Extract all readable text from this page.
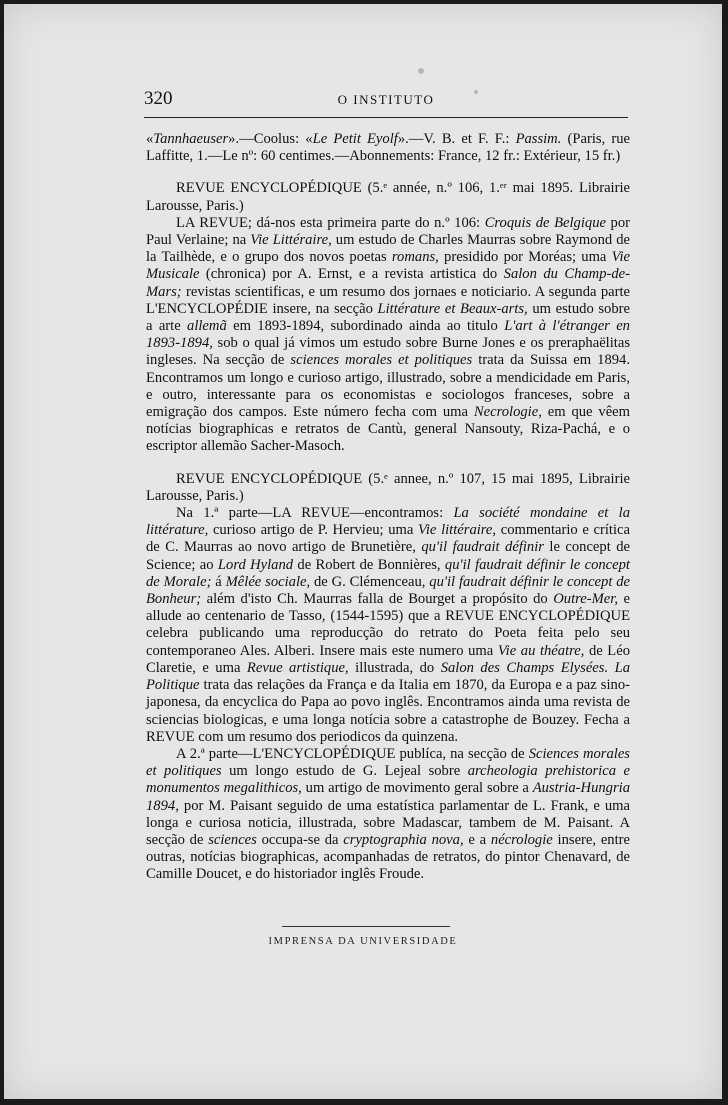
320	O INSTITUTO

«Tannhaeuser».—Coolus: «Le Petit Eyolf».—V. B. et F. F.: Passim. (Paris, rue Laffitte, 1.—Le nº: 60 centimes.—Abonnements: France, 12 fr.: Extérieur, 15 fr.)

REVUE ENCYCLOPÉDIQUE (5.ᵉ année, n.º 106, 1.ᵉʳ mai 1895. Librairie Larousse, Paris.)

LA REVUE; dá-nos esta primeira parte do n.º 106: Croquis de Belgique por Paul Verlaine; na Vie Littéraire, um estudo de Charles Maurras sobre Raymond de la Tailhède, e o grupo dos novos poetas romans, presidido por Moréas; uma Vie Musicale (chronica) por A. Ernst, e a revista artistica do Salon du Champ-de-Mars; revistas scientificas, e um resumo dos jornaes e noticiario. A segunda parte L'ENCYCLOPÉDIE insere, na secção Littérature et Beaux-arts, um estudo sobre a arte allemã em 1893-1894, subordinado ainda ao titulo L'art à l'étranger en 1893-1894, sob o qual já vimos um estudo sobre Burne Jones e os preraphaëlitas ingleses. Na secção de sciences morales et politiques trata da Suissa em 1894. Encontramos um longo e curioso artigo, illustrado, sobre a mendicidade em Paris, e outro, interessante para os economistas e sociologos franceses, sobre a emigração dos campos. Este número fecha com uma Necrologie, em que vêem notícias biographicas e retratos de Cantù, general Nansouty, Riza-Pachá, e o escriptor allemão Sacher-Masoch.

REVUE ENCYCLOPÉDIQUE (5.ᵉ annee, n.º 107, 15 mai 1895, Librairie Larousse, Paris.)

Na 1.ª parte—LA REVUE—encontramos: La société mondaine et la littérature, curioso artigo de P. Hervieu; uma Vie littéraire, commentario e crítica de C. Maurras ao novo artigo de Brunetière, qu'il faudrait définir le concept de Science; ao Lord Hyland de Robert de Bonnières, qu'il faudrait définir le concept de Morale; á Mêlée sociale, de G. Clémenceau, qu'il faudrait définir le concept de Bonheur; além d'isto Ch. Maurras falla de Bourget a propósito do Outre-Mer, e allude ao centenario de Tasso, (1544-1595) que a REVUE ENCYCLOPÉDIQUE celebra publicando uma reproducção do retrato do Poeta feita pelo seu contemporaneo Ales. Alberi. Insere mais este numero uma Vie au théatre, de Léo Claretie, e uma Revue artistique, illustrada, do Salon des Champs Elysées. La Politique trata das relações da França e da Italia em 1870, da Europa e a paz sino-japonesa, da encyclica do Papa ao povo inglês. Encontramos ainda uma revista de sciencias biologicas, e uma longa notícia sobre a catastrophe de Bouzey. Fecha a REVUE com um resumo dos periodicos da quinzena.

A 2.ª parte—L'ENCYCLOPÉDIQUE publíca, na secção de Sciences morales et politiques um longo estudo de G. Lejeal sobre archeologia prehistorica e monumentos megalithicos, um artigo de movimento geral sobre a Austria-Hungria 1894, por M. Paisant seguido de uma estatística parlamentar de L. Frank, e uma longa e curiosa noticia, illustrada, sobre Madascar, tambem de M. Paisant. A secção de sciences occupa-se da cryptographia nova, e a nécrologie insere, entre outras, notícias biographicas, acompanhadas de retratos, do pintor Chenavard, de Camille Doucet, e do historiador inglês Froude.

IMPRENSA DA UNIVERSIDADE
